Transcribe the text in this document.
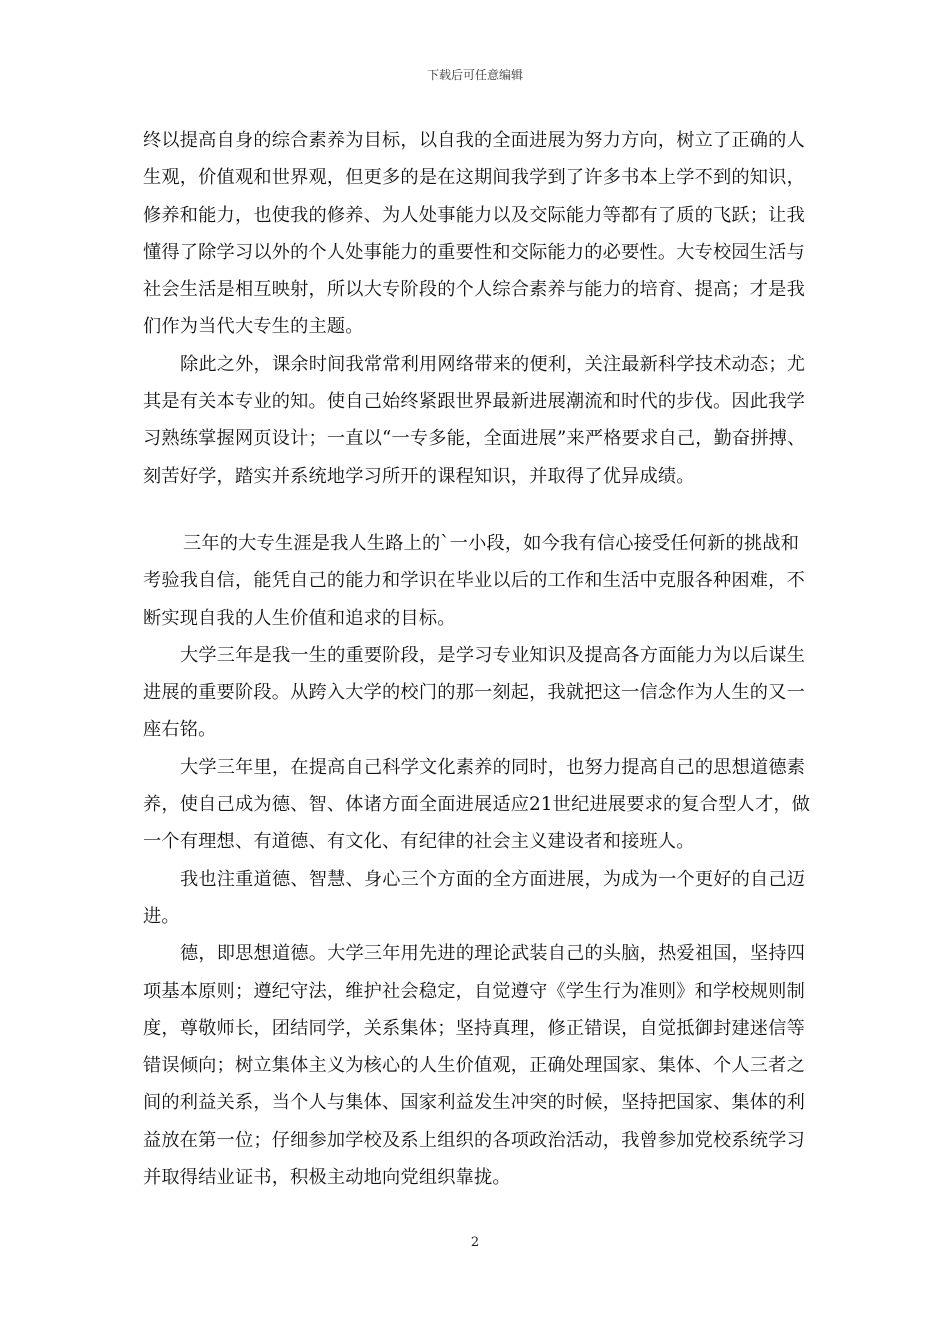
下载后可任意编辑

终以提高自身的综合素养为目标，以自我的全面进展为努力方向，树立了正确的人生观，价值观和世界观，但更多的是在这期间我学到了许多书本上学不到的知识，修养和能力，也使我的修养、为人处事能力以及交际能力等都有了质的飞跃；让我懂得了除学习以外的个人处事能力的重要性和交际能力的必要性。大专校园生活与社会生活是相互映射，所以大专阶段的个人综合素养与能力的培育、提高；才是我们作为当代大专生的主题。

除此之外，课余时间我常常利用网络带来的便利，关注最新科学技术动态；尤其是有关本专业的知。使自己始终紧跟世界最新进展潮流和时代的步伐。因此我学习熟练掌握网页设计；一直以“一专多能，全面进展”来严格要求自己，勤奋拼搏、刻苦好学，踏实并系统地学习所开的课程知识，并取得了优异成绩。

三年的大专生涯是我人生路上的`一小段，如今我有信心接受任何新的挑战和考验我自信，能凭自己的能力和学识在毕业以后的工作和生活中克服各种困难，不断实现自我的人生价值和追求的目标。

大学三年是我一生的重要阶段，是学习专业知识及提高各方面能力为以后谋生进展的重要阶段。从跨入大学的校门的那一刻起，我就把这一信念作为人生的又一座右铭。

大学三年里，在提高自己科学文化素养的同时，也努力提高自己的思想道德素养，使自己成为德、智、体诸方面全面进展适应21世纪进展要求的复合型人才，做一个有理想、有道德、有文化、有纪律的社会主义建设者和接班人。

我也注重道德、智慧、身心三个方面的全方面进展，为成为一个更好的自己迈进。

德，即思想道德。大学三年用先进的理论武装自己的头脑，热爱祖国，坚持四项基本原则；遵纪守法，维护社会稳定，自觉遵守《学生行为准则》和学校规则制度，尊敬师长，团结同学，关系集体；坚持真理，修正错误，自觉抵御封建迷信等错误倾向；树立集体主义为核心的人生价值观，正确处理国家、集体、个人三者之间的利益关系，当个人与集体、国家利益发生冲突的时候，坚持把国家、集体的利益放在第一位；仔细参加学校及系上组织的各项政治活动，我曾参加党校系统学习并取得结业证书，积极主动地向党组织靠拢。

2
